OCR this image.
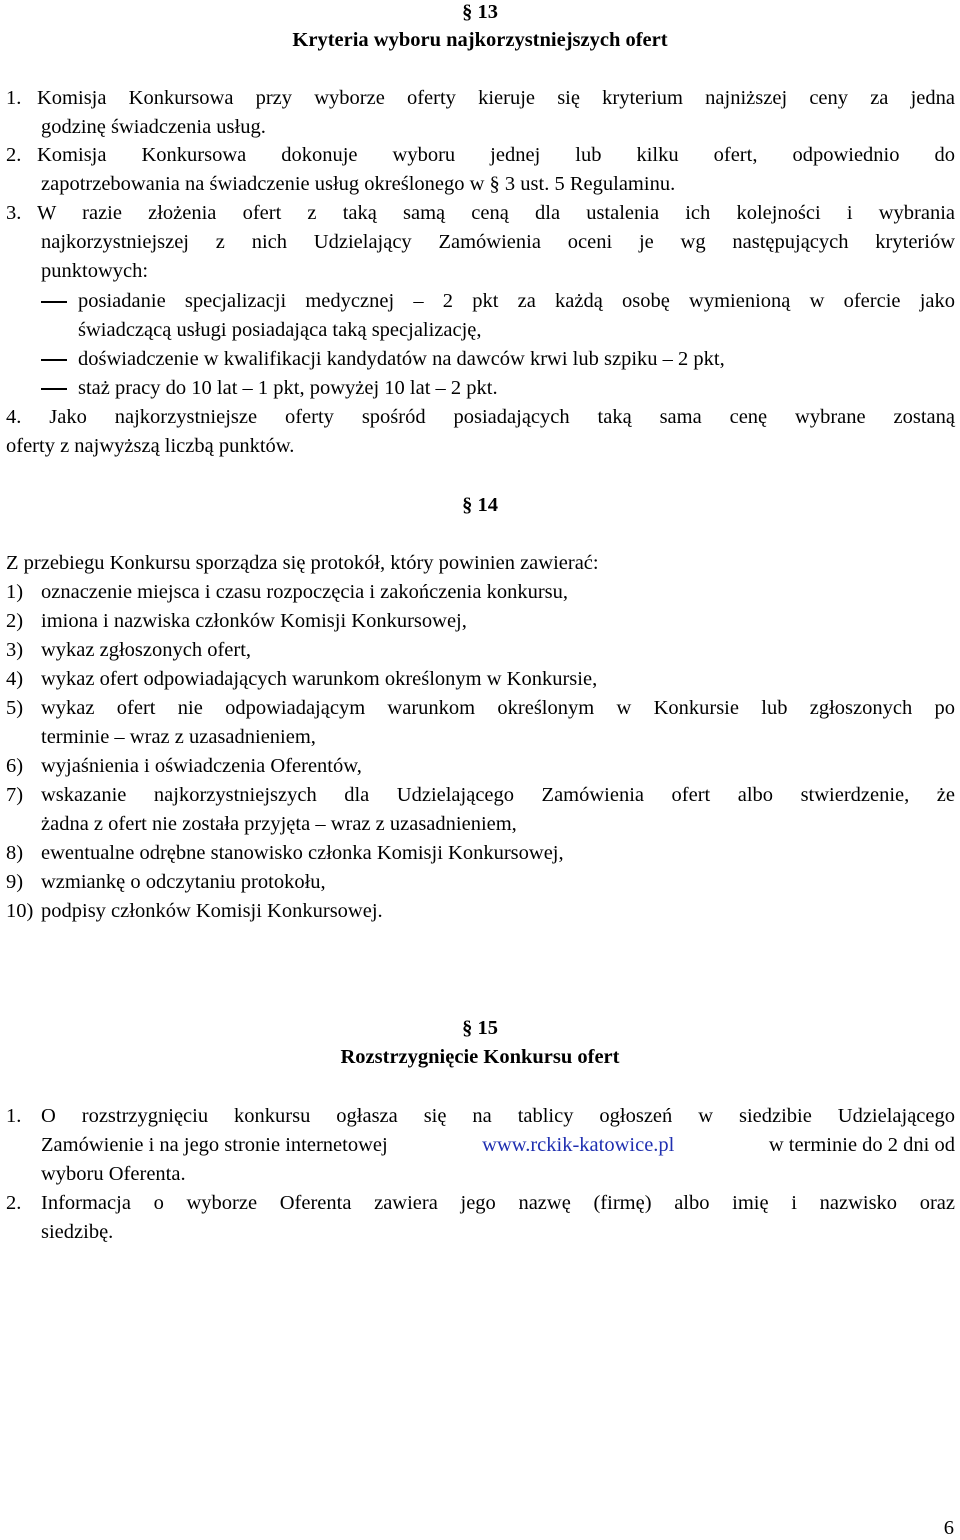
§ 13
Kryteria wyboru najkorzystniejszych ofert
1. Komisja Konkursowa przy wyborze oferty kieruje się kryterium najniższej ceny za jedna
godzinę świadczenia usług.
2. Komisja Konkursowa dokonuje wyboru jednej lub kilku ofert, odpowiednio do
zapotrzebowania na świadczenie usług określonego w § 3 ust. 5 Regulaminu.
3. W razie złożenia ofert z taką samą ceną dla ustalenia ich kolejności i wybrania
najkorzystniejszej z nich Udzielający Zamówienia oceni je wg następujących kryteriów
punktowych:
posiadanie specjalizacji medycznej – 2 pkt za każdą osobę wymienioną w ofercie jako
świadczącą usługi posiadająca taką specjalizację,
doświadczenie w kwalifikacji kandydatów na dawców krwi lub szpiku – 2 pkt,
staż pracy do 10 lat – 1 pkt, powyżej 10 lat – 2 pkt.
4. Jako najkorzystniejsze oferty spośród posiadających taką sama cenę wybrane zostaną
oferty z najwyższą liczbą punktów.
§ 14
Z przebiegu Konkursu sporządza się protokół, który powinien zawierać:
1) oznaczenie miejsca i czasu rozpoczęcia i zakończenia konkursu,
2) imiona i nazwiska członków Komisji Konkursowej,
3) wykaz zgłoszonych ofert,
4) wykaz ofert odpowiadających warunkom określonym w Konkursie,
5) wykaz ofert nie odpowiadającym warunkom określonym w Konkursie lub zgłoszonych po
terminie – wraz z uzasadnieniem,
6) wyjaśnienia i oświadczenia Oferentów,
7) wskazanie najkorzystniejszych dla Udzielającego Zamówienia ofert albo stwierdzenie, że
żadna z ofert nie została przyjęta – wraz z uzasadnieniem,
8) ewentualne odrębne stanowisko członka Komisji Konkursowej,
9) wzmiankę o odczytaniu protokołu,
10) podpisy członków Komisji Konkursowej.
§ 15
Rozstrzygnięcie Konkursu ofert
1. O rozstrzygnięciu konkursu ogłasza się na tablicy ogłoszeń w siedzibie Udzielającego
Zamówienie i na jego stronie internetowej	www.rckik-katowice.pl	w terminie do 2 dni od
wyboru Oferenta.
2. Informacja o wyborze Oferenta zawiera jego nazwę (firmę) albo imię i nazwisko oraz
siedzibę.
6
